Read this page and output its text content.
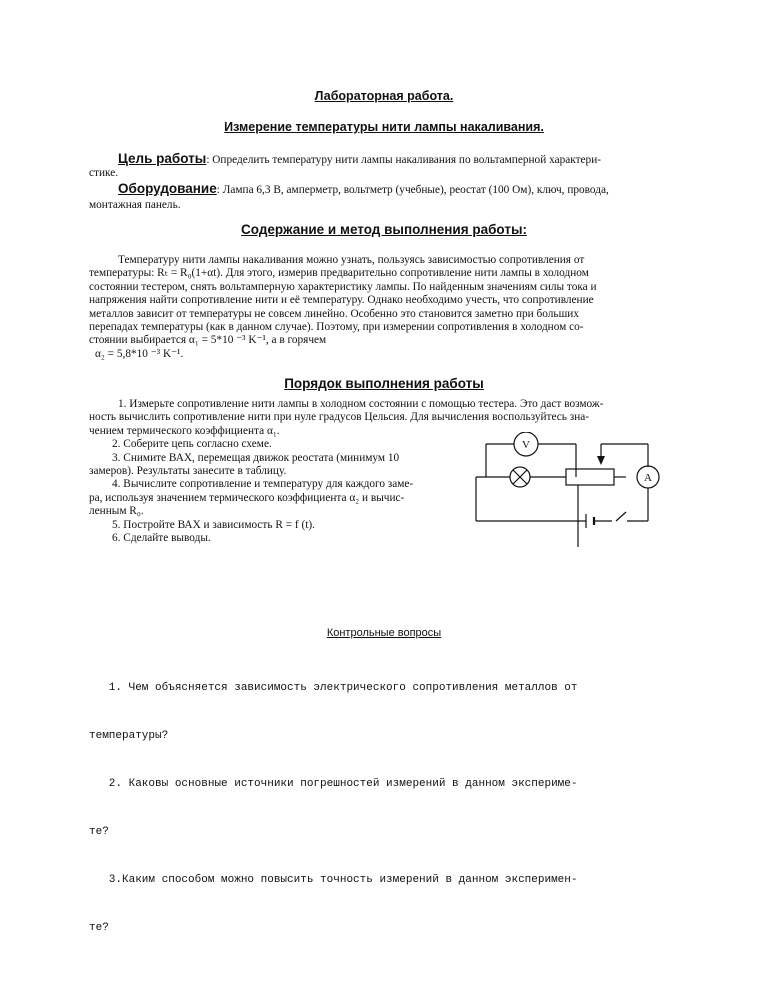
Лабораторная работа.
Измерение температуры нити лампы накаливания.
Цель работы: Определить температуру нити лампы накаливания по вольтамперной характери-
стике.
Оборудование: Лампа 6,3 В, амперметр, вольтметр (учебные), реостат (100 Ом), ключ, провода,
монтажная панель.
Содержание и метод выполнения работы:
Температуру нити лампы накаливания можно узнать, пользуясь зависимостью сопротивления от
температуры: Rₜ = R₀(1+αt). Для этого, измерив предварительно сопротивление нити лампы в холодном
состоянии тестером, снять вольтамперную характеристику лампы. По найденным значениям силы тока и
напряжения найти сопротивление нити и её температуру. Однако необходимо учесть, что сопротивление
металлов зависит от температуры не совсем линейно. Особенно это становится заметно при больших
перепадах температуры (как в данном случае). Поэтому, при измерении сопротивления в холодном со-
стоянии выбирается α₁ = 5*10 ⁻³ K⁻¹, а в горячем
α₂ = 5,8*10 ⁻³ K⁻¹.
Порядок выполнения работы
1. Измерьте сопротивление нити лампы в холодном состоянии с помощью тестера. Это даст возмож-
ность вычислить сопротивление нити при нуле градусов Цельсия. Для вычисления воспользуйтесь зна-
чением термического коэффициента α₁.
2. Соберите цепь согласно схеме.
3. Снимите ВАХ, перемещая движок реостата (минимум 10
замеров). Результаты занесите в таблицу.
4. Вычислите сопротивление и температуру для каждого заме-
ра, используя значением термического коэффициента α₂ и вычис-
ленным R₀.
5. Постройте ВАХ и зависимость R = f (t).
6. Сделайте выводы.
V
A
Контрольные вопросы

1. Чем объясняется зависимость электрического сопротивления металлов от

температуры?

2. Каковы основные источники погрешностей измерений в данном экспериме-

те?

3.Каким способом можно повысить точность измерений в данном эксперимен-

те?
